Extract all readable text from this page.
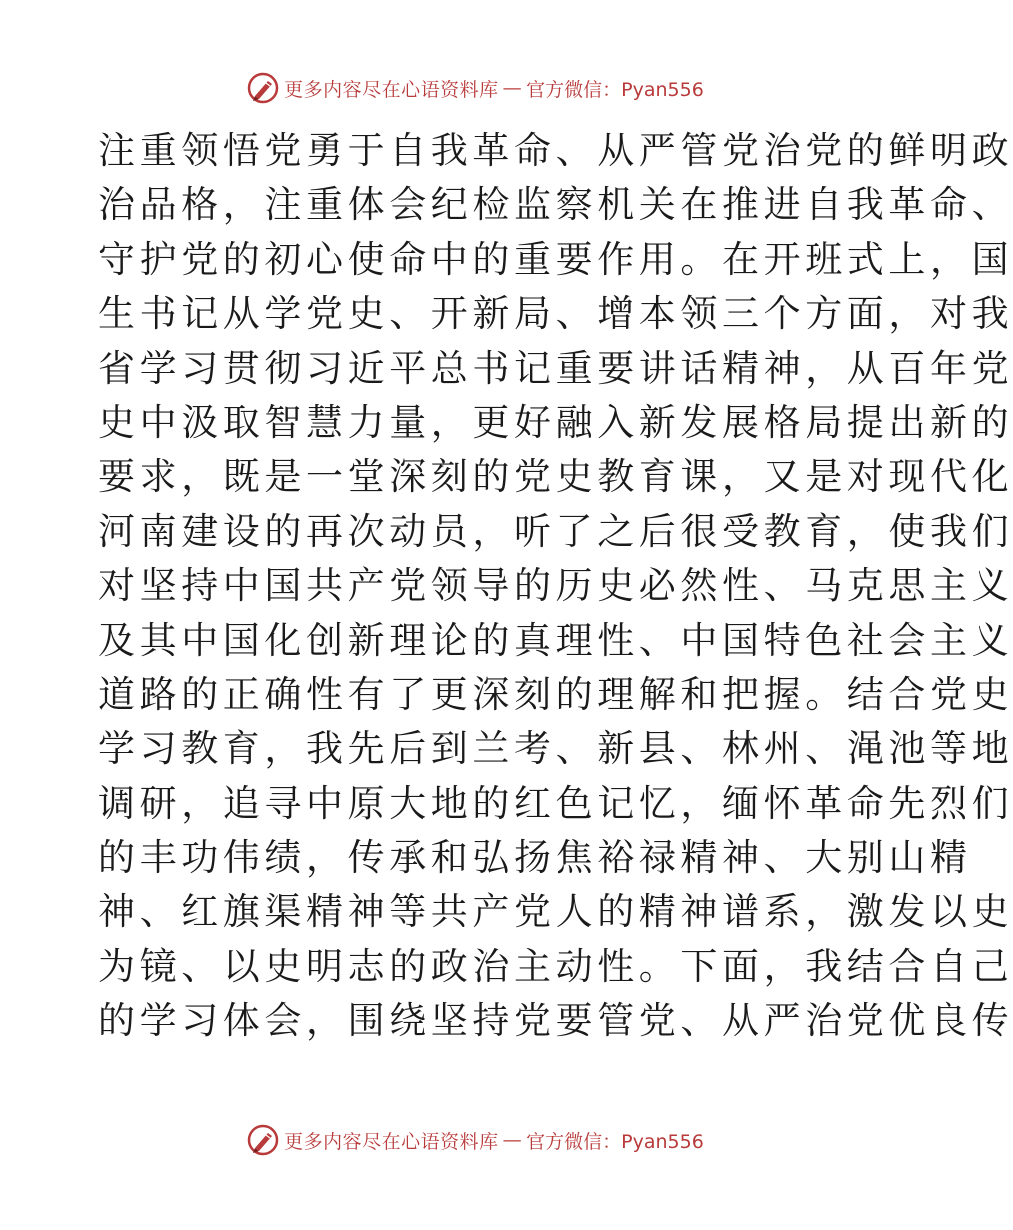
更多内容尽在心语资料库 — 官方微信：Pyan556
注重领悟党勇于自我革命、从严管党治党的鲜明政
治品格，注重体会纪检监察机关在推进自我革命、
守护党的初心使命中的重要作用。在开班式上，国
生书记从学党史、开新局、增本领三个方面，对我
省学习贯彻习近平总书记重要讲话精神，从百年党
史中汲取智慧力量，更好融入新发展格局提出新的
要求，既是一堂深刻的党史教育课，又是对现代化
河南建设的再次动员，听了之后很受教育，使我们
对坚持中国共产党领导的历史必然性、马克思主义
及其中国化创新理论的真理性、中国特色社会主义
道路的正确性有了更深刻的理解和把握。结合党史
学习教育，我先后到兰考、新县、林州、渑池等地
调研，追寻中原大地的红色记忆，缅怀革命先烈们
的丰功伟绩，传承和弘扬焦裕禄精神、大别山精
神、红旗渠精神等共产党人的精神谱系，激发以史
为镜、以史明志的政治主动性。下面，我结合自己
的学习体会，围绕坚持党要管党、从严治党优良传
更多内容尽在心语资料库 — 官方微信：Pyan556
